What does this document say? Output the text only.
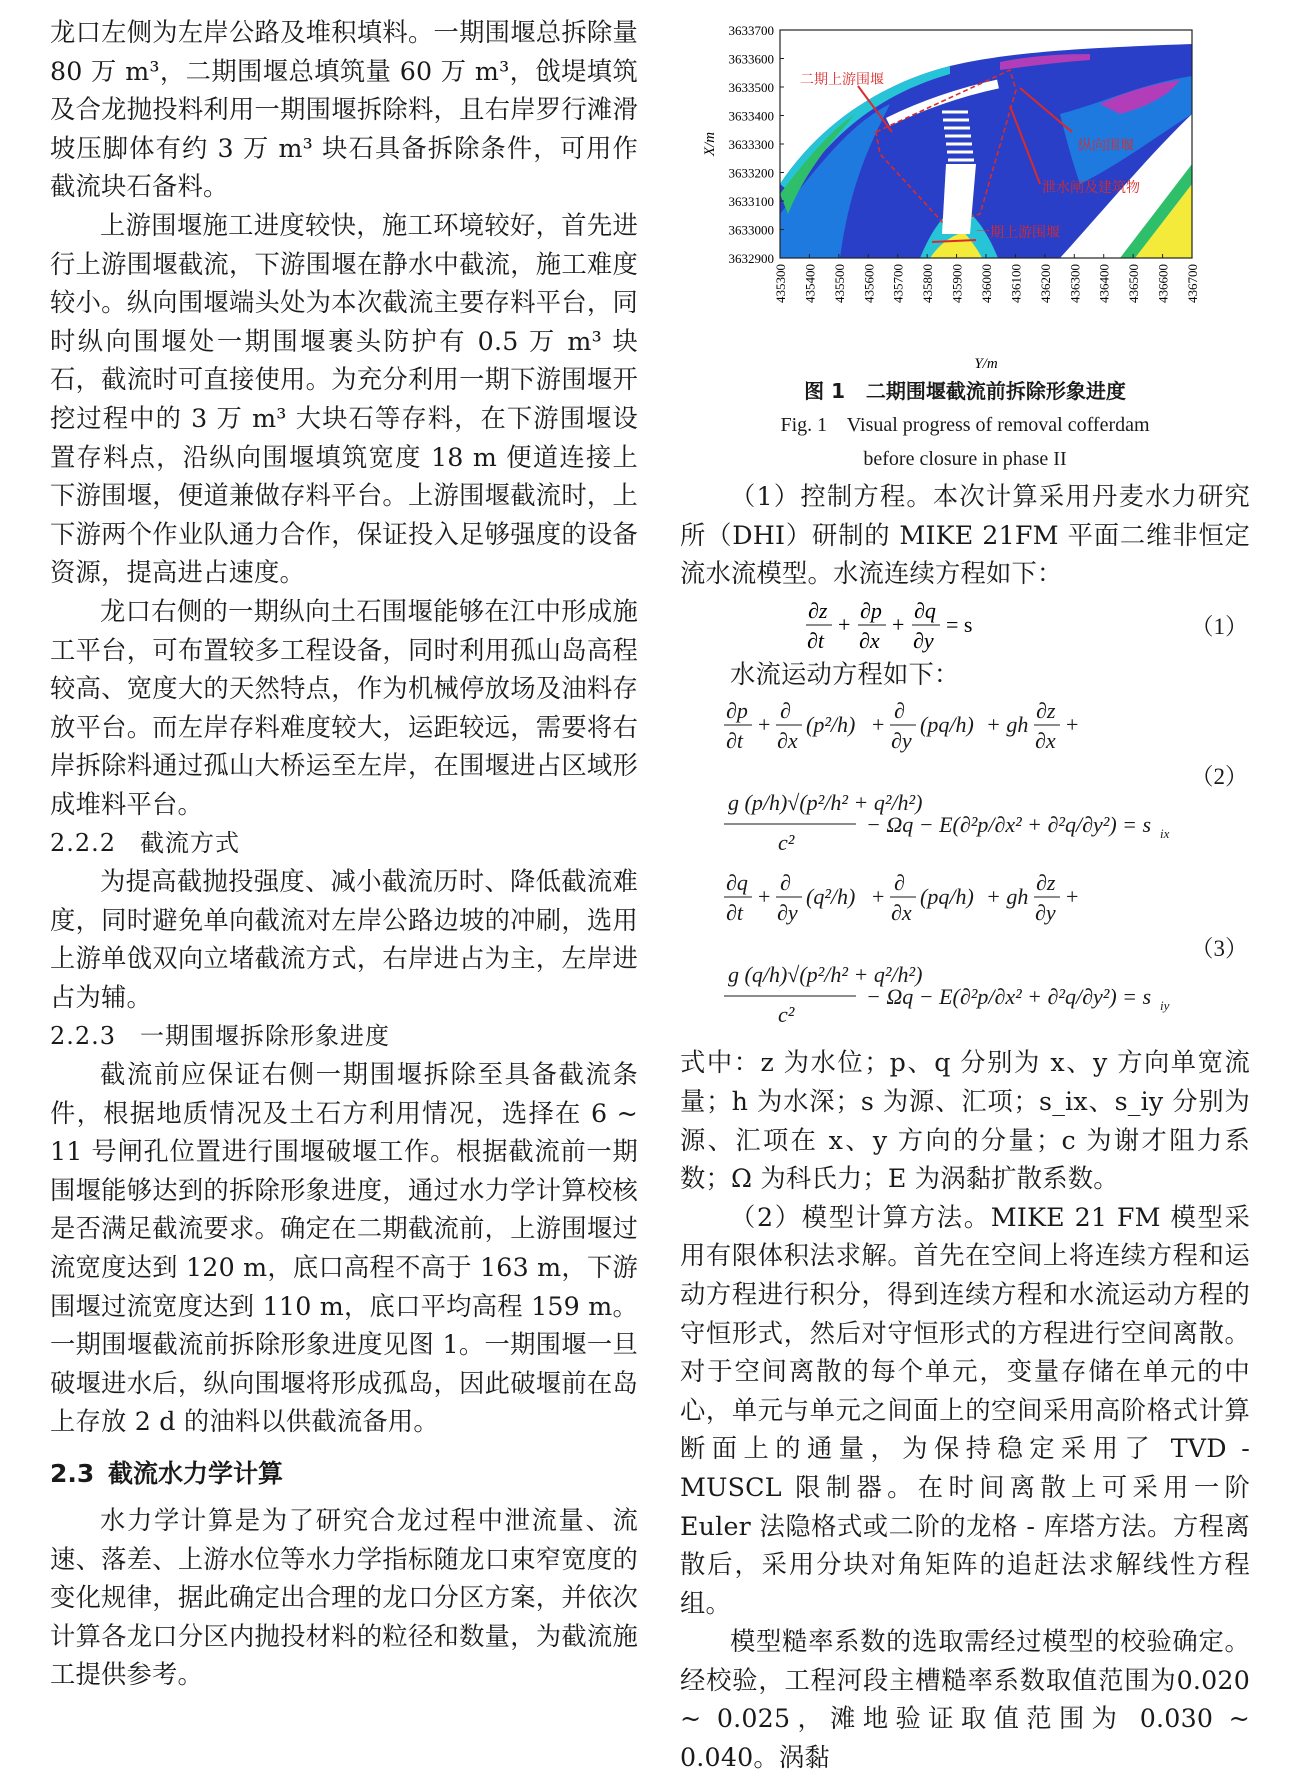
龙口左侧为左岸公路及堆积填料。一期围堰总拆除量 80 万 m³，二期围堰总填筑量 60 万 m³，戗堤填筑及合龙抛投料利用一期围堰拆除料，且右岸罗行滩滑坡压脚体有约 3 万 m³ 块石具备拆除条件，可用作截流块石备料。

上游围堰施工进度较快，施工环境较好，首先进行上游围堰截流，下游围堰在静水中截流，施工难度较小。纵向围堰端头处为本次截流主要存料平台，同时纵向围堰处一期围堰裹头防护有 0.5 万 m³ 块石，截流时可直接使用。为充分利用一期下游围堰开挖过程中的 3 万 m³ 大块石等存料，在下游围堰设置存料点，沿纵向围堰填筑宽度 18 m 便道连接上下游围堰，便道兼做存料平台。上游围堰截流时，上下游两个作业队通力合作，保证投入足够强度的设备资源，提高进占速度。

龙口右侧的一期纵向土石围堰能够在江中形成施工平台，可布置较多工程设备，同时利用孤山岛高程较高、宽度大的天然特点，作为机械停放场及油料存放平台。而左岸存料难度较大，运距较远，需要将右岸拆除料通过孤山大桥运至左岸，在围堰进占区域形成堆料平台。

2.2.2 截流方式

为提高截抛投强度、减小截流历时、降低截流难度，同时避免单向截流对左岸公路边坡的冲刷，选用上游单戗双向立堵截流方式，右岸进占为主，左岸进占为辅。

2.2.3 一期围堰拆除形象进度

截流前应保证右侧一期围堰拆除至具备截流条件，根据地质情况及土石方利用情况，选择在 6 ~ 11 号闸孔位置进行围堰破堰工作。根据截流前一期围堰能够达到的拆除形象进度，通过水力学计算校核是否满足截流要求。确定在二期截流前，上游围堰过流宽度达到 120 m，底口高程不高于 163 m，下游围堰过流宽度达到 110 m，底口平均高程 159 m。一期围堰截流前拆除形象进度见图 1。一期围堰一旦破堰进水后，纵向围堰将形成孤岛，因此破堰前在岛上存放 2 d 的油料以供截流备用。

2.3 截流水力学计算

水力学计算是为了研究合龙过程中泄流量、流速、落差、上游水位等水力学指标随龙口束窄宽度的变化规律，据此确定出合理的龙口分区方案，并依次计算各龙口分区内抛投材料的粒径和数量，为截流施工提供参考。

3633700
3633600
3633500
3633400
3633300
3633200
3633100
3633000
3632900
435300 435400 435500 435600 435700 435800 435900 436000 436100 436200 436300 436400 436500 436600 436700
X/m
Y/m
二期上游围堰
纵向围堰
泄水闸及建筑物
一期上游围堰
图 1 二期围堰截流前拆除形象进度
Fig. 1    Visual progress of removal cofferdam
before closure in phase II

（1）控制方程。本次计算采用丹麦水力研究所（DHI）研制的 MIKE 21FM 平面二维非恒定流水流模型。水流连续方程如下：

∂z
∂t
+
∂p
∂x
+
∂q
∂y
= s	（1）

水流运动方程如下：

∂p
∂t
+
∂
∂x
(p²/h) +
∂
∂y
(pq/h) + gh
∂z
∂x
+
g (p/h)√(p²/h² + q²/h²)
c²
− Ωq − E(∂²p/∂x² + ∂²q/∂y²) = s ix
（2）
∂q
∂t
+
∂
∂y
(q²/h) +
∂
∂x
(pq/h) + gh
∂z
∂y
+
g (q/h)√(p²/h² + q²/h²)
c²
− Ωq − E(∂²p/∂x² + ∂²q/∂y²) = s iy
（3）

式中：z 为水位；p、q 分别为 x、y 方向单宽流量；h 为水深；s 为源、汇项；s_ix、s_iy 分别为源、汇项在 x、y 方向的分量；c 为谢才阻力系数；Ω 为科氏力；E 为涡黏扩散系数。

（2）模型计算方法。MIKE 21 FM 模型采用有限体积法求解。首先在空间上将连续方程和运动方程进行积分，得到连续方程和水流运动方程的守恒形式，然后对守恒形式的方程进行空间离散。对于空间离散的每个单元，变量存储在单元的中心，单元与单元之间面上的空间采用高阶格式计算断面上的通量，为保持稳定采用了 TVD - MUSCL 限制器。在时间离散上可采用一阶 Euler 法隐格式或二阶的龙格 - 库塔方法。方程离散后，采用分块对角矩阵的追赶法求解线性方程组。

模型糙率系数的选取需经过模型的校验确定。经校验，工程河段主槽糙率系数取值范围为0.020 ~ 0.025，滩地验证取值范围为 0.030 ~ 0.040。涡黏
